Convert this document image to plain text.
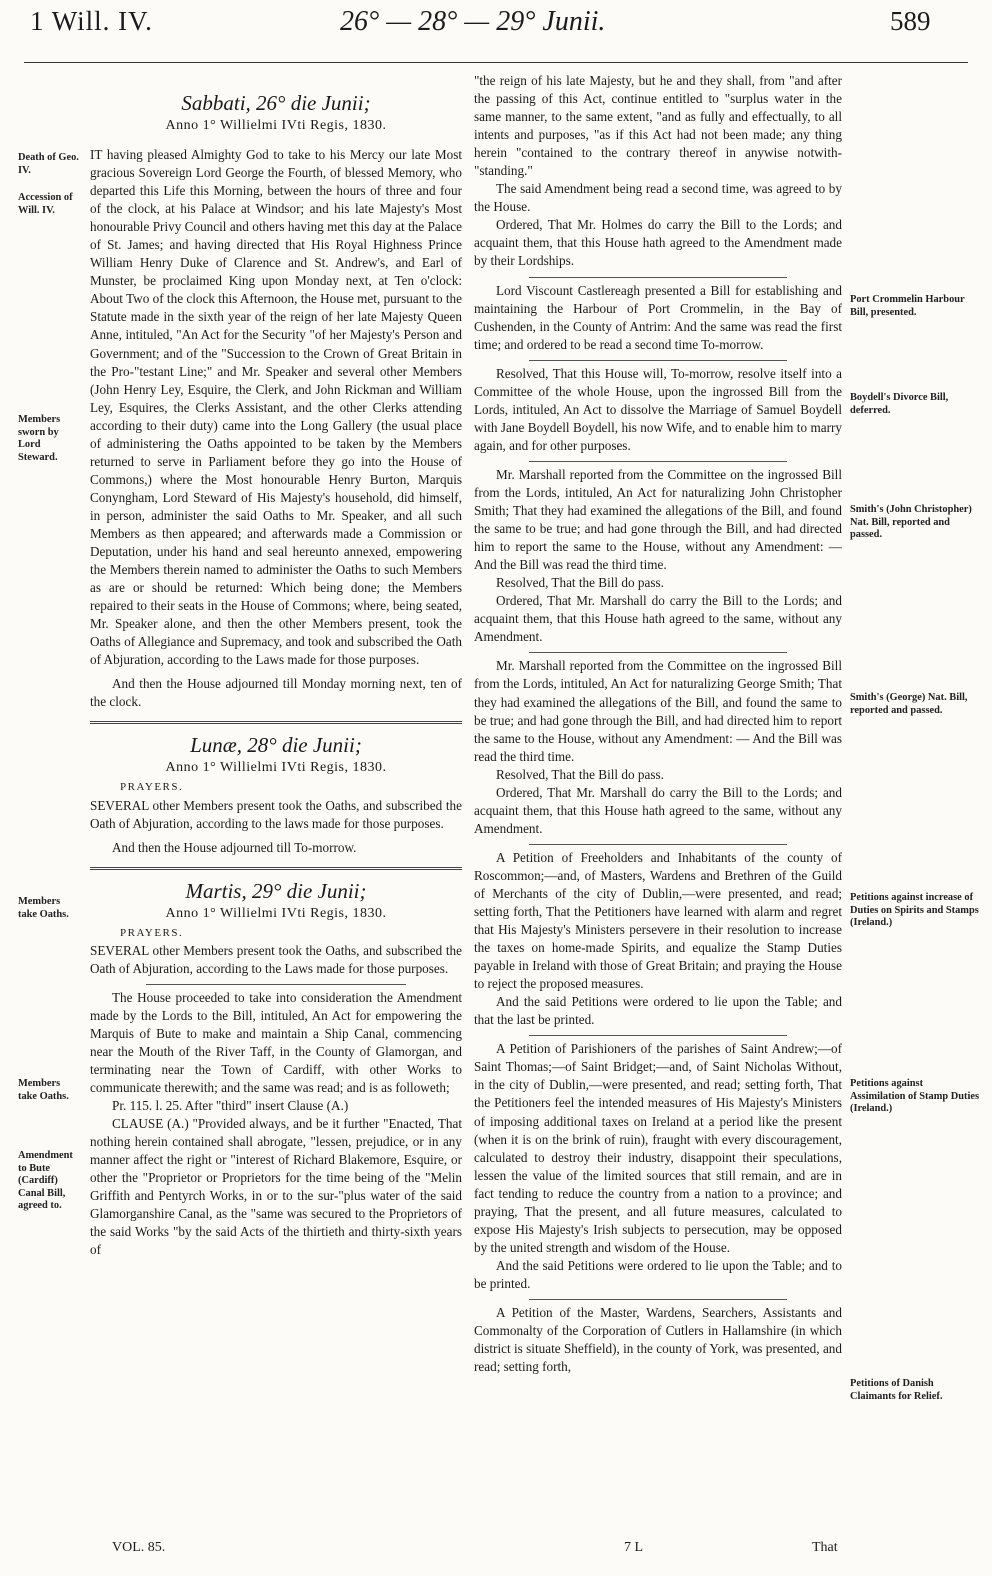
1 Will. IV.	26° — 28° — 29° Junii.	589
Death of Geo. IV.
Accession of Will. IV.
Members sworn by Lord Steward.
Members take Oaths.
Members take Oaths.
Amendment to Bute (Cardiff) Canal Bill, agreed to.

Sabbati, 26° die Junii;

Anno 1° Willielmi IVti Regis, 1830.

IT having pleased Almighty God to take to his Mercy our late Most gracious Sovereign Lord George the Fourth, of blessed Memory, who departed this Life this Morning, between the hours of three and four of the clock, at his Palace at Windsor; and his late Majesty's Most honourable Privy Council and others having met this day at the Palace of St. James; and having directed that His Royal Highness Prince William Henry Duke of Clarence and St. Andrew's, and Earl of Munster, be proclaimed King upon Monday next, at Ten o'clock: About Two of the clock this Afternoon, the House met, pursuant to the Statute made in the sixth year of the reign of her late Majesty Queen Anne, intituled, "An Act for the Security "of her Majesty's Person and Government; and of the "Succession to the Crown of Great Britain in the Pro-"testant Line;" and Mr. Speaker and several other Members (John Henry Ley, Esquire, the Clerk, and John Rickman and William Ley, Esquires, the Clerks Assistant, and the other Clerks attending according to their duty) came into the Long Gallery (the usual place of administering the Oaths appointed to be taken by the Members returned to serve in Parliament before they go into the House of Commons,) where the Most honourable Henry Burton, Marquis Conyngham, Lord Steward of His Majesty's household, did himself, in person, administer the said Oaths to Mr. Speaker, and all such Members as then appeared; and afterwards made a Commission or Deputation, under his hand and seal hereunto annexed, empowering the Members therein named to administer the Oaths to such Members as are or should be returned: Which being done; the Members repaired to their seats in the House of Commons; where, being seated, Mr. Speaker alone, and then the other Members present, took the Oaths of Allegiance and Supremacy, and took and subscribed the Oath of Abjuration, according to the Laws made for those purposes.

And then the House adjourned till Monday morning next, ten of the clock.

Lunæ, 28° die Junii;

Anno 1° Willielmi IVti Regis, 1830.

PRAYERS.

SEVERAL other Members present took the Oaths, and subscribed the Oath of Abjuration, according to the laws made for those purposes.

And then the House adjourned till To-morrow.

Martis, 29° die Junii;

Anno 1° Willielmi IVti Regis, 1830.

PRAYERS.

SEVERAL other Members present took the Oaths, and subscribed the Oath of Abjuration, according to the Laws made for those purposes.

The House proceeded to take into consideration the Amendment made by the Lords to the Bill, intituled, An Act for empowering the Marquis of Bute to make and maintain a Ship Canal, commencing near the Mouth of the River Taff, in the County of Glamorgan, and terminating near the Town of Cardiff, with other Works to communicate therewith; and the same was read; and is as followeth;

Pr. 115. l. 25. After "third" insert Clause (A.)

CLAUSE (A.) "Provided always, and be it further "Enacted, That nothing herein contained shall abrogate, "lessen, prejudice, or in any manner affect the right or "interest of Richard Blakemore, Esquire, or other the "Proprietor or Proprietors for the time being of the "Melin Griffith and Pentyrch Works, in or to the sur-"plus water of the said Glamorganshire Canal, as the "same was secured to the Proprietors of the said Works "by the said Acts of the thirtieth and thirty-sixth years of

VOL. 85.

"the reign of his late Majesty, but he and they shall, from "and after the passing of this Act, continue entitled to "surplus water in the same manner, to the same extent, "and as fully and effectually, to all intents and purposes, "as if this Act had not been made; any thing herein "contained to the contrary thereof in anywise notwith-"standing."

The said Amendment being read a second time, was agreed to by the House.

Ordered, That Mr. Holmes do carry the Bill to the Lords; and acquaint them, that this House hath agreed to the Amendment made by their Lordships.

Lord Viscount Castlereagh presented a Bill for establishing and maintaining the Harbour of Port Crommelin, in the Bay of Cushenden, in the County of Antrim: And the same was read the first time; and ordered to be read a second time To-morrow.

Resolved, That this House will, To-morrow, resolve itself into a Committee of the whole House, upon the ingrossed Bill from the Lords, intituled, An Act to dissolve the Marriage of Samuel Boydell with Jane Boydell Boydell, his now Wife, and to enable him to marry again, and for other purposes.

Mr. Marshall reported from the Committee on the ingrossed Bill from the Lords, intituled, An Act for naturalizing John Christopher Smith; That they had examined the allegations of the Bill, and found the same to be true; and had gone through the Bill, and had directed him to report the same to the House, without any Amendment: —And the Bill was read the third time.

Resolved, That the Bill do pass.

Ordered, That Mr. Marshall do carry the Bill to the Lords; and acquaint them, that this House hath agreed to the same, without any Amendment.

Mr. Marshall reported from the Committee on the ingrossed Bill from the Lords, intituled, An Act for naturalizing George Smith; That they had examined the allegations of the Bill, and found the same to be true; and had gone through the Bill, and had directed him to report the same to the House, without any Amendment: — And the Bill was read the third time.

Resolved, That the Bill do pass.

Ordered, That Mr. Marshall do carry the Bill to the Lords; and acquaint them, that this House hath agreed to the same, without any Amendment.

A Petition of Freeholders and Inhabitants of the county of Roscommon;—and, of Masters, Wardens and Brethren of the Guild of Merchants of the city of Dublin,—were presented, and read; setting forth, That the Petitioners have learned with alarm and regret that His Majesty's Ministers persevere in their resolution to increase the taxes on home-made Spirits, and equalize the Stamp Duties payable in Ireland with those of Great Britain; and praying the House to reject the proposed measures.

And the said Petitions were ordered to lie upon the Table; and that the last be printed.

A Petition of Parishioners of the parishes of Saint Andrew;—of Saint Thomas;—of Saint Bridget;—and, of Saint Nicholas Without, in the city of Dublin,—were presented, and read; setting forth, That the Petitioners feel the intended measures of His Majesty's Ministers of imposing additional taxes on Ireland at a period like the present (when it is on the brink of ruin), fraught with every discouragement, calculated to destroy their industry, disappoint their speculations, lessen the value of the limited sources that still remain, and are in fact tending to reduce the country from a nation to a province; and praying, That the present, and all future measures, calculated to expose His Majesty's Irish subjects to persecution, may be opposed by the united strength and wisdom of the House.

And the said Petitions were ordered to lie upon the Table; and to be printed.

A Petition of the Master, Wardens, Searchers, Assistants and Commonalty of the Corporation of Cutlers in Hallamshire (in which district is situate Sheffield), in the county of York, was presented, and read; setting forth,

7 L	That
Port Crommelin Harbour Bill, presented.
Boydell's Divorce Bill, deferred.
Smith's (John Christopher) Nat. Bill, reported and passed.
Smith's (George) Nat. Bill, reported and passed.
Petitions against increase of Duties on Spirits and Stamps (Ireland.)
Petitions against Assimilation of Stamp Duties (Ireland.)
Petitions of Danish Claimants for Relief.
